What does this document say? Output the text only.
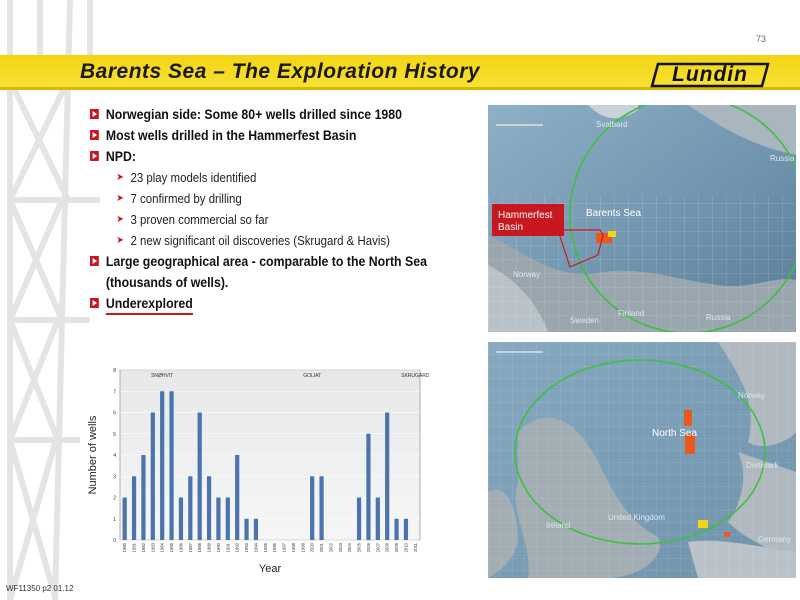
73
Barents Sea – The Exploration History	Lundin
Norwegian side: Some 80+ wells drilled since 1980
Most wells drilled in the Hammerfest Basin
NPD:
➤ 23 play models identified
➤ 7 confirmed by drilling
➤ 3 proven commercial so far
➤ 2 new significant oil discoveries (Skrugard & Havis)
Large geographical area - comparable to the North Sea
(thousands of wells).
Underexplored
0
1
2
3
4
5
6
7
8
1980 1981 1982 1983 1984 1985 1986 1987 1988 1989 1990 1991 1992 1993 1994 1995 1996 1997 1998 1999 2000 2001 2002 2003 2004 2005 2006 2007 2008 2009 2010 2011
SNØHVIT	GOLIAT	SKRUGARD
Number of wells
Year
Hammerfest
Basin
Barents Sea
Svalbard
Russia
Norway
Sweden
Finland	Russia
North Sea
Norway
Denmark
United Kingdom
Ireland
Germany
WF11350 p2 01.12
